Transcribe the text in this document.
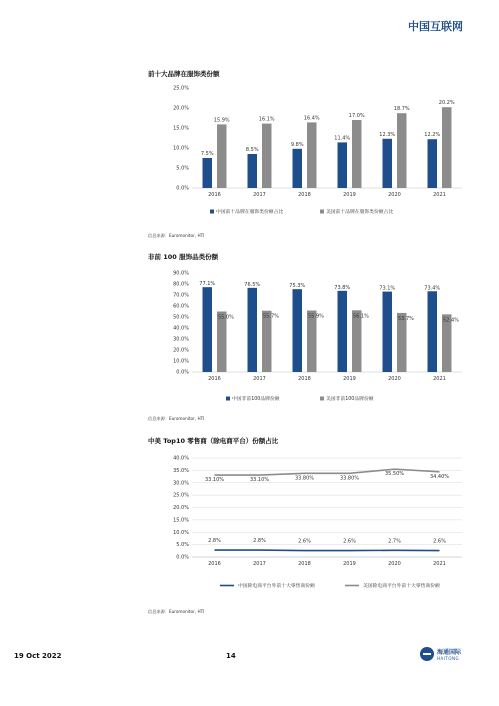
中国互联网
前十大品牌在服饰类份额
0.0%
5.0%
10.0%
15.0%
20.0%
25.0%
2016	2017	2018	2019	2020	2021
7.5%
8.5%
9.8%
11.4%
12.3%	12.2%
15.9%	16.1%	16.4%	17.0%
18.7%
20.2%
中国前十品牌在服饰类份额占比	美国前十品牌在服饰类份额占比
信息来源：Euromonitor, HTI
非前 100 服饰品类份额
0.0%
10.0%
20.0%
30.0%
40.0%
50.0%
60.0%
70.0%
80.0%
90.0%
2016	2017	2018	2019	2020	2021
77.1%	76.5%	75.3%	73.8%	73.1%	73.4%
55.0%	55.7%	55.9%	56.1%	53.7%	52.4%
中国非前100品牌份额	美国非前100品牌份额
信息来源：Euromonitor, HTI
中美 Top10 零售商（除电商平台）份额占比
0.0%
5.0%
10.0%
15.0%
20.0%
25.0%
30.0%
35.0%
40.0%
2016	2017	2018	2019	2020	2021
2.8%	2.8%	2.6%	2.6%	2.7%	2.6%
33.10%	33.10%	33.80%	33.80%
35.50%	34.40%
中国除电商平台外前十大零售商份额	美国除电商平台外前十大零售商份额
信息来源：Euromonitor, HTI
19 Oct 2022	14	海通国际
HAITONG
